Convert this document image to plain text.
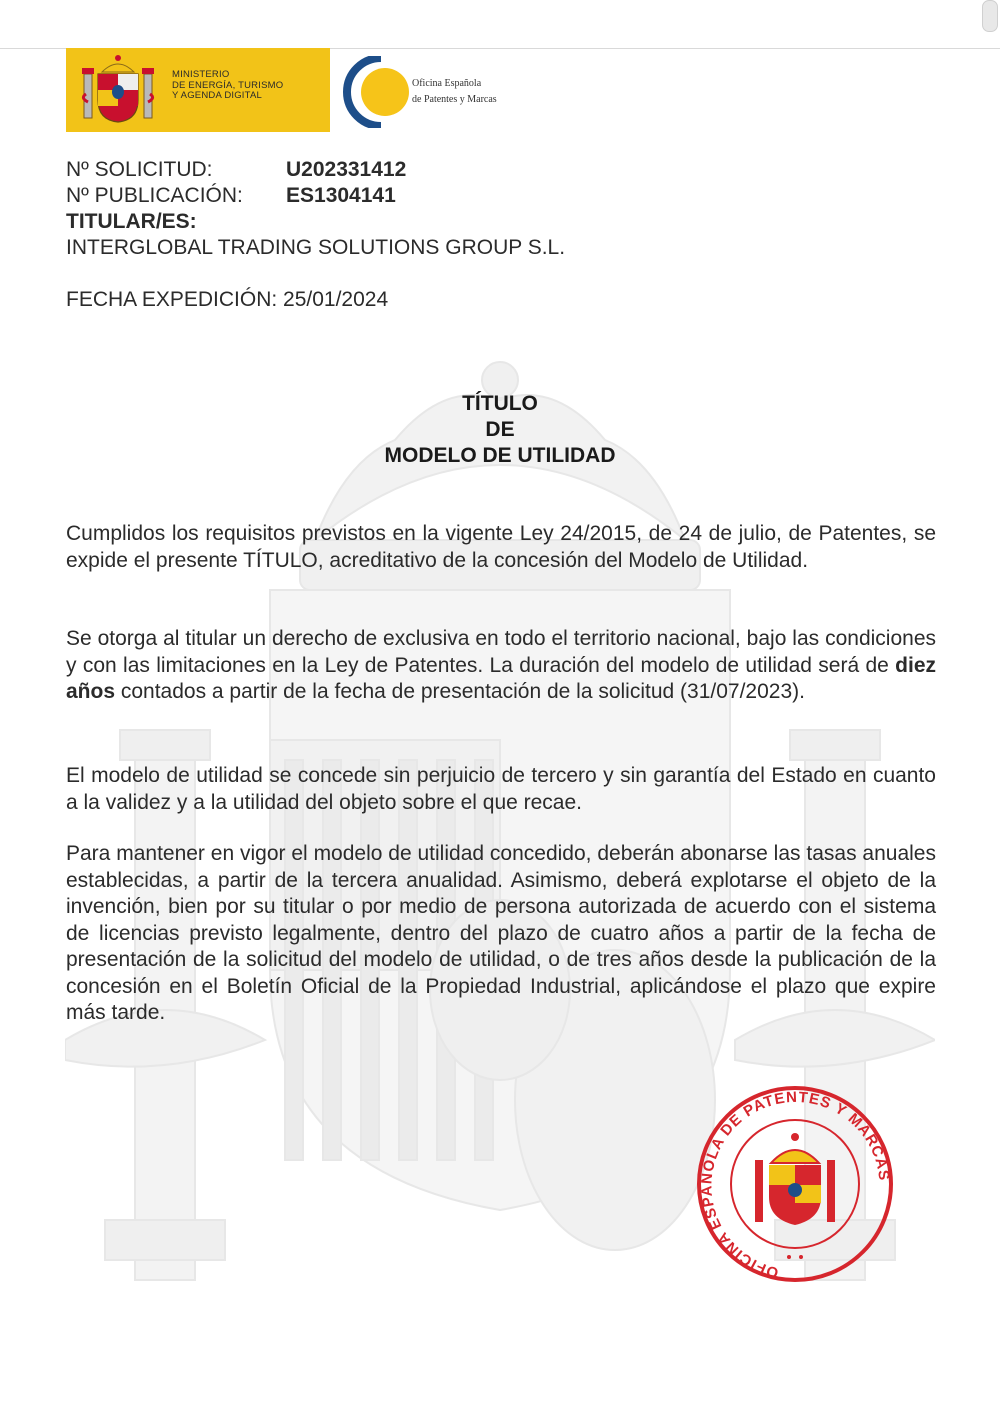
MINISTERIO
DE ENERGÍA, TURISMO
Y AGENDA DIGITAL
Oficina Española
de Patentes y Marcas
Nº SOLICITUD:	U202331412
Nº PUBLICACIÓN: ES1304141
TITULAR/ES:
INTERGLOBAL TRADING SOLUTIONS GROUP S.L.
FECHA EXPEDICIÓN: 25/01/2024
TÍTULO
DE
MODELO DE UTILIDAD
Cumplidos los requisitos previstos en la vigente Ley 24/2015, de 24 de julio, de Patentes, se expide el presente TÍTULO, acreditativo de la concesión del Modelo de Utilidad.
Se otorga al titular un derecho de exclusiva en todo el territorio nacional, bajo las condiciones y con las limitaciones en la Ley de Patentes. La duración del modelo de utilidad será de diez años contados a partir de la fecha de presentación de la solicitud (31/07/2023).
El modelo de utilidad se concede sin perjuicio de tercero y sin garantía del Estado en cuanto a la validez y a la utilidad del objeto sobre el que recae.
Para mantener en vigor el modelo de utilidad concedido, deberán abonarse las tasas anuales establecidas, a partir de la tercera anualidad. Asimismo, deberá explotarse el objeto de la invención, bien por su titular o por medio de persona autorizada de acuerdo con el sistema de licencias previsto legalmente, dentro del plazo de cuatro años a partir de la fecha de presentación de la solicitud del modelo de utilidad, o de tres años desde la publicación de la concesión en el Boletín Oficial de la Propiedad Industrial, aplicándose el plazo que expire más tarde.
OFICINA ESPAÑOLA DE PATENTES Y MARCAS
